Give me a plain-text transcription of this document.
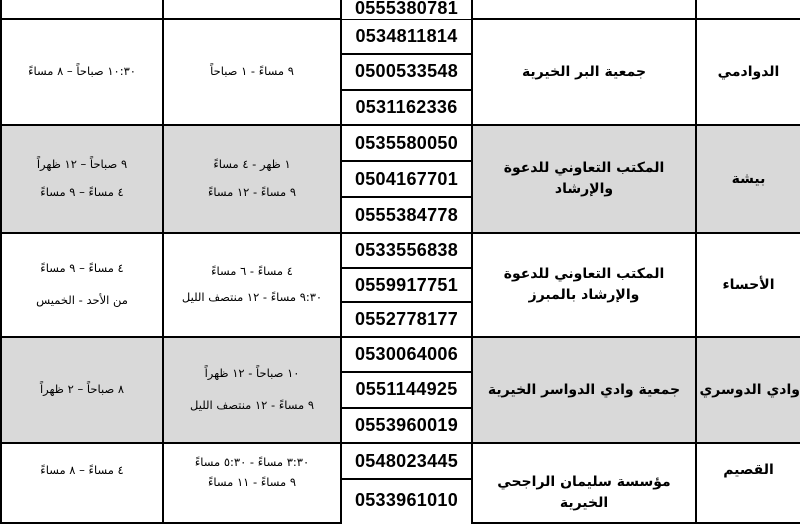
0555380781
١٠:٣٠ صباحاً – ٨ مساءً	٩ مساءً - ١ صباحاً
0534811814
0500533548
0531162336
جمعية البر الخيرية	الدوادمي
٩ صباحاً – ١٢ ظهراً
٤ مساءً – ٩ مساءً
١ ظهر - ٤ مساءً
٩ مساءً - ١٢ مساءً
0535580050
0504167701
0555384778
المكتب التعاوني للدعوة والإرشاد
بيشة
٤ مساءً – ٩ مساءً
من الأحد - الخميس
٤ مساءً - ٦ مساءً
٩:٣٠ مساءً - ١٢ منتصف الليل
0533556838
0559917751
0552778177
المكتب التعاوني للدعوة والإرشاد بالمبرز
الأحساء
٨ صباحاً – ٢ ظهراً
١٠ صباحاً - ١٢ ظهراً
٩ مساءً - ١٢ منتصف الليل
0530064006
0551144925
0553960019
جمعية وادي الدواسر الخيرية وادي الدوسري
٤ مساءً – ٨ مساءً
٣:٣٠ مساءً - ٥:٣٠ مساءً
٩ مساءً - ١١ مساءً
0548023445
0533961010
مؤسسة سليمان الراجحي الخيرية
القصيم
